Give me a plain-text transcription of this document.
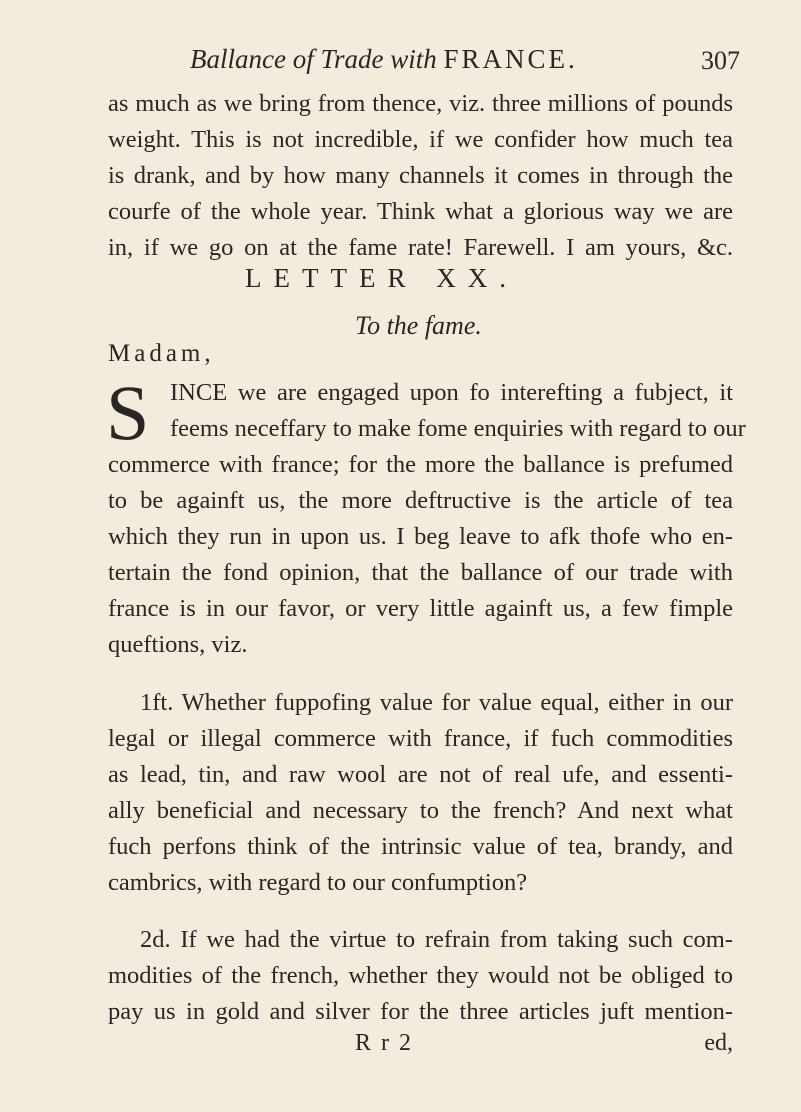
Ballance of Trade with FRANCE.	307
as much as we bring from thence, viz. three millions of pounds
weight. This is not incredible, if we confider how much tea
is drank, and by how many channels it comes in through the
courfe of the whole year. Think what a glorious way we are
in, if we go on at the fame rate! Farewell. I am yours, &c.
LETTER XX.
To the fame.
Madam,
S INCE we are engaged upon fo interefting a fubject, it
feems neceffary to make fome enquiries with regard to our
commerce with france; for the more the ballance is prefumed
to be againft us, the more deftructive is the article of tea
which they run in upon us. I beg leave to afk thofe who en-
tertain the fond opinion, that the ballance of our trade with
france is in our favor, or very little againft us, a few fimple
queftions, viz.
1ft. Whether fuppofing value for value equal, either in our
legal or illegal commerce with france, if fuch commodities
as lead, tin, and raw wool are not of real ufe, and essenti-
ally beneficial and necessary to the french? And next what
fuch perfons think of the intrinsic value of tea, brandy, and
cambrics, with regard to our confumption?
2d. If we had the virtue to refrain from taking such com-
modities of the french, whether they would not be obliged to
pay us in gold and silver for the three articles juft mention-
R r 2	ed,
